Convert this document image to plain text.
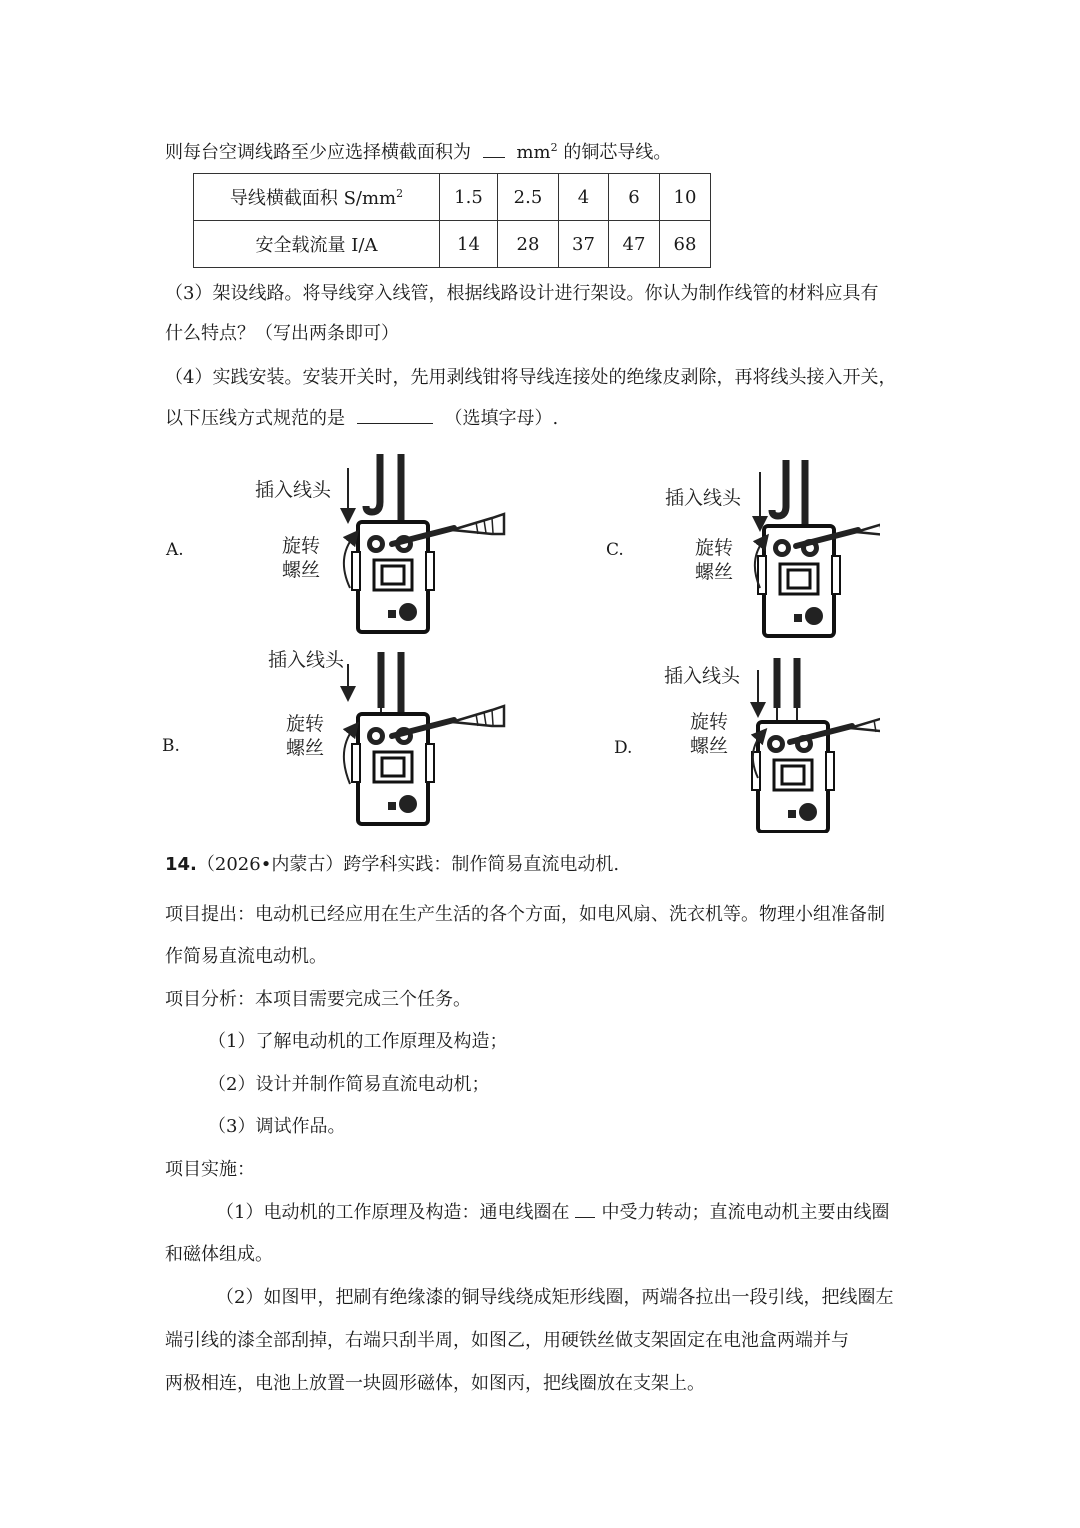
则每台空调线路至少应选择横截面积为	$mm^2$ 的铜芯导线。
导线横截面积 $S/mm^2$	1.5	2.5	4	6	10
安全载流量 I/A	14	28	37	47	68
（3）架设线路。将导线穿入线管，根据线路设计进行架设。你认为制作线管的材料应具有
什么特点？（写出两条即可）
（4）实践安装。安装开关时，先用剥线钳将导线连接处的绝缘皮剥除，再将线头接入开关，
以下压线方式规范的是	（选填字母）.
A.
B.
C.
D.
插入线头
插入线头
插入线头
插入线头
旋转
螺丝
旋转
螺丝
旋转
螺丝
旋转
螺丝
14.（2026•内蒙古）跨学科实践：制作简易直流电动机.
项目提出：电动机已经应用在生产生活的各个方面，如电风扇、洗衣机等。物理小组准备制
作简易直流电动机。
项目分析：本项目需要完成三个任务。
（1）了解电动机的工作原理及构造；
（2）设计并制作简易直流电动机；
（3）调试作品。
项目实施：
（1）电动机的工作原理及构造：通电线圈在 中受力转动；直流电动机主要由线圈
和磁体组成。
（2）如图甲，把刷有绝缘漆的铜导线绕成矩形线圈，两端各拉出一段引线，把线圈左
端引线的漆全部刮掉，右端只刮半周，如图乙，用硬铁丝做支架固定在电池盒两端并与
两极相连，电池上放置一块圆形磁体，如图丙，把线圈放在支架上。
